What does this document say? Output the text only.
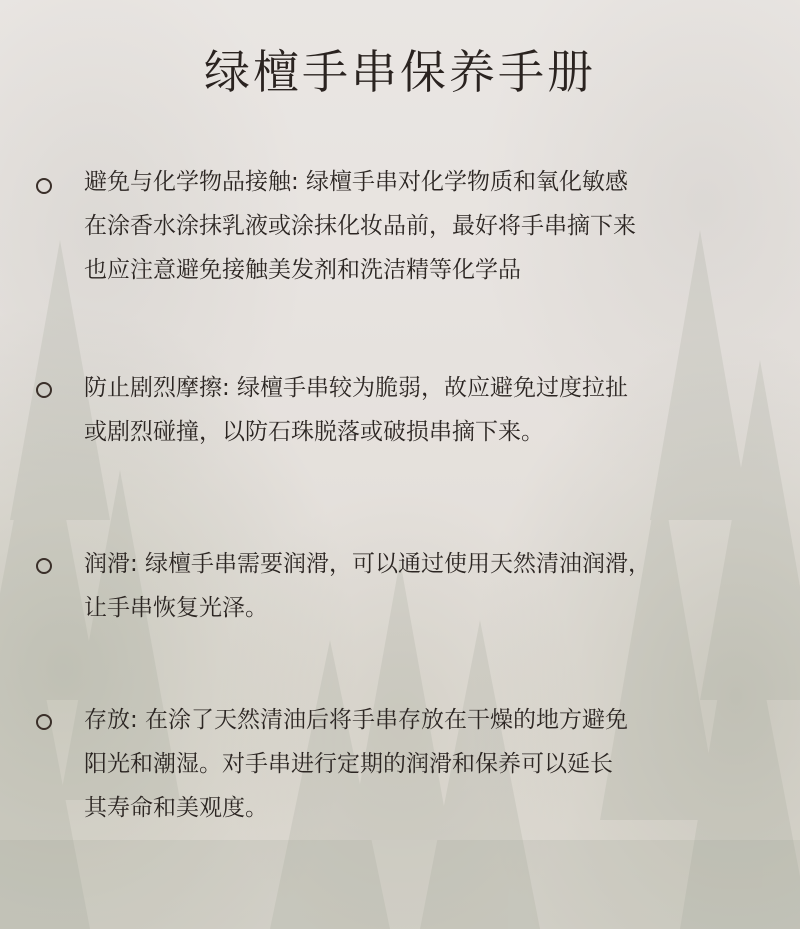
绿檀手串保养手册
避免与化学物品接触: 绿檀手串对化学物质和氧化敏感
在涂香水涂抹乳液或涂抹化妆品前，最好将手串摘下来
也应注意避免接触美发剂和洗洁精等化学品
防止剧烈摩擦: 绿檀手串较为脆弱，故应避免过度拉扯
或剧烈碰撞，以防石珠脱落或破损串摘下来。
润滑: 绿檀手串需要润滑，可以通过使用天然清油润滑，
让手串恢复光泽。
存放: 在涂了天然清油后将手串存放在干燥的地方避免
阳光和潮湿。对手串进行定期的润滑和保养可以延长
其寿命和美观度。
